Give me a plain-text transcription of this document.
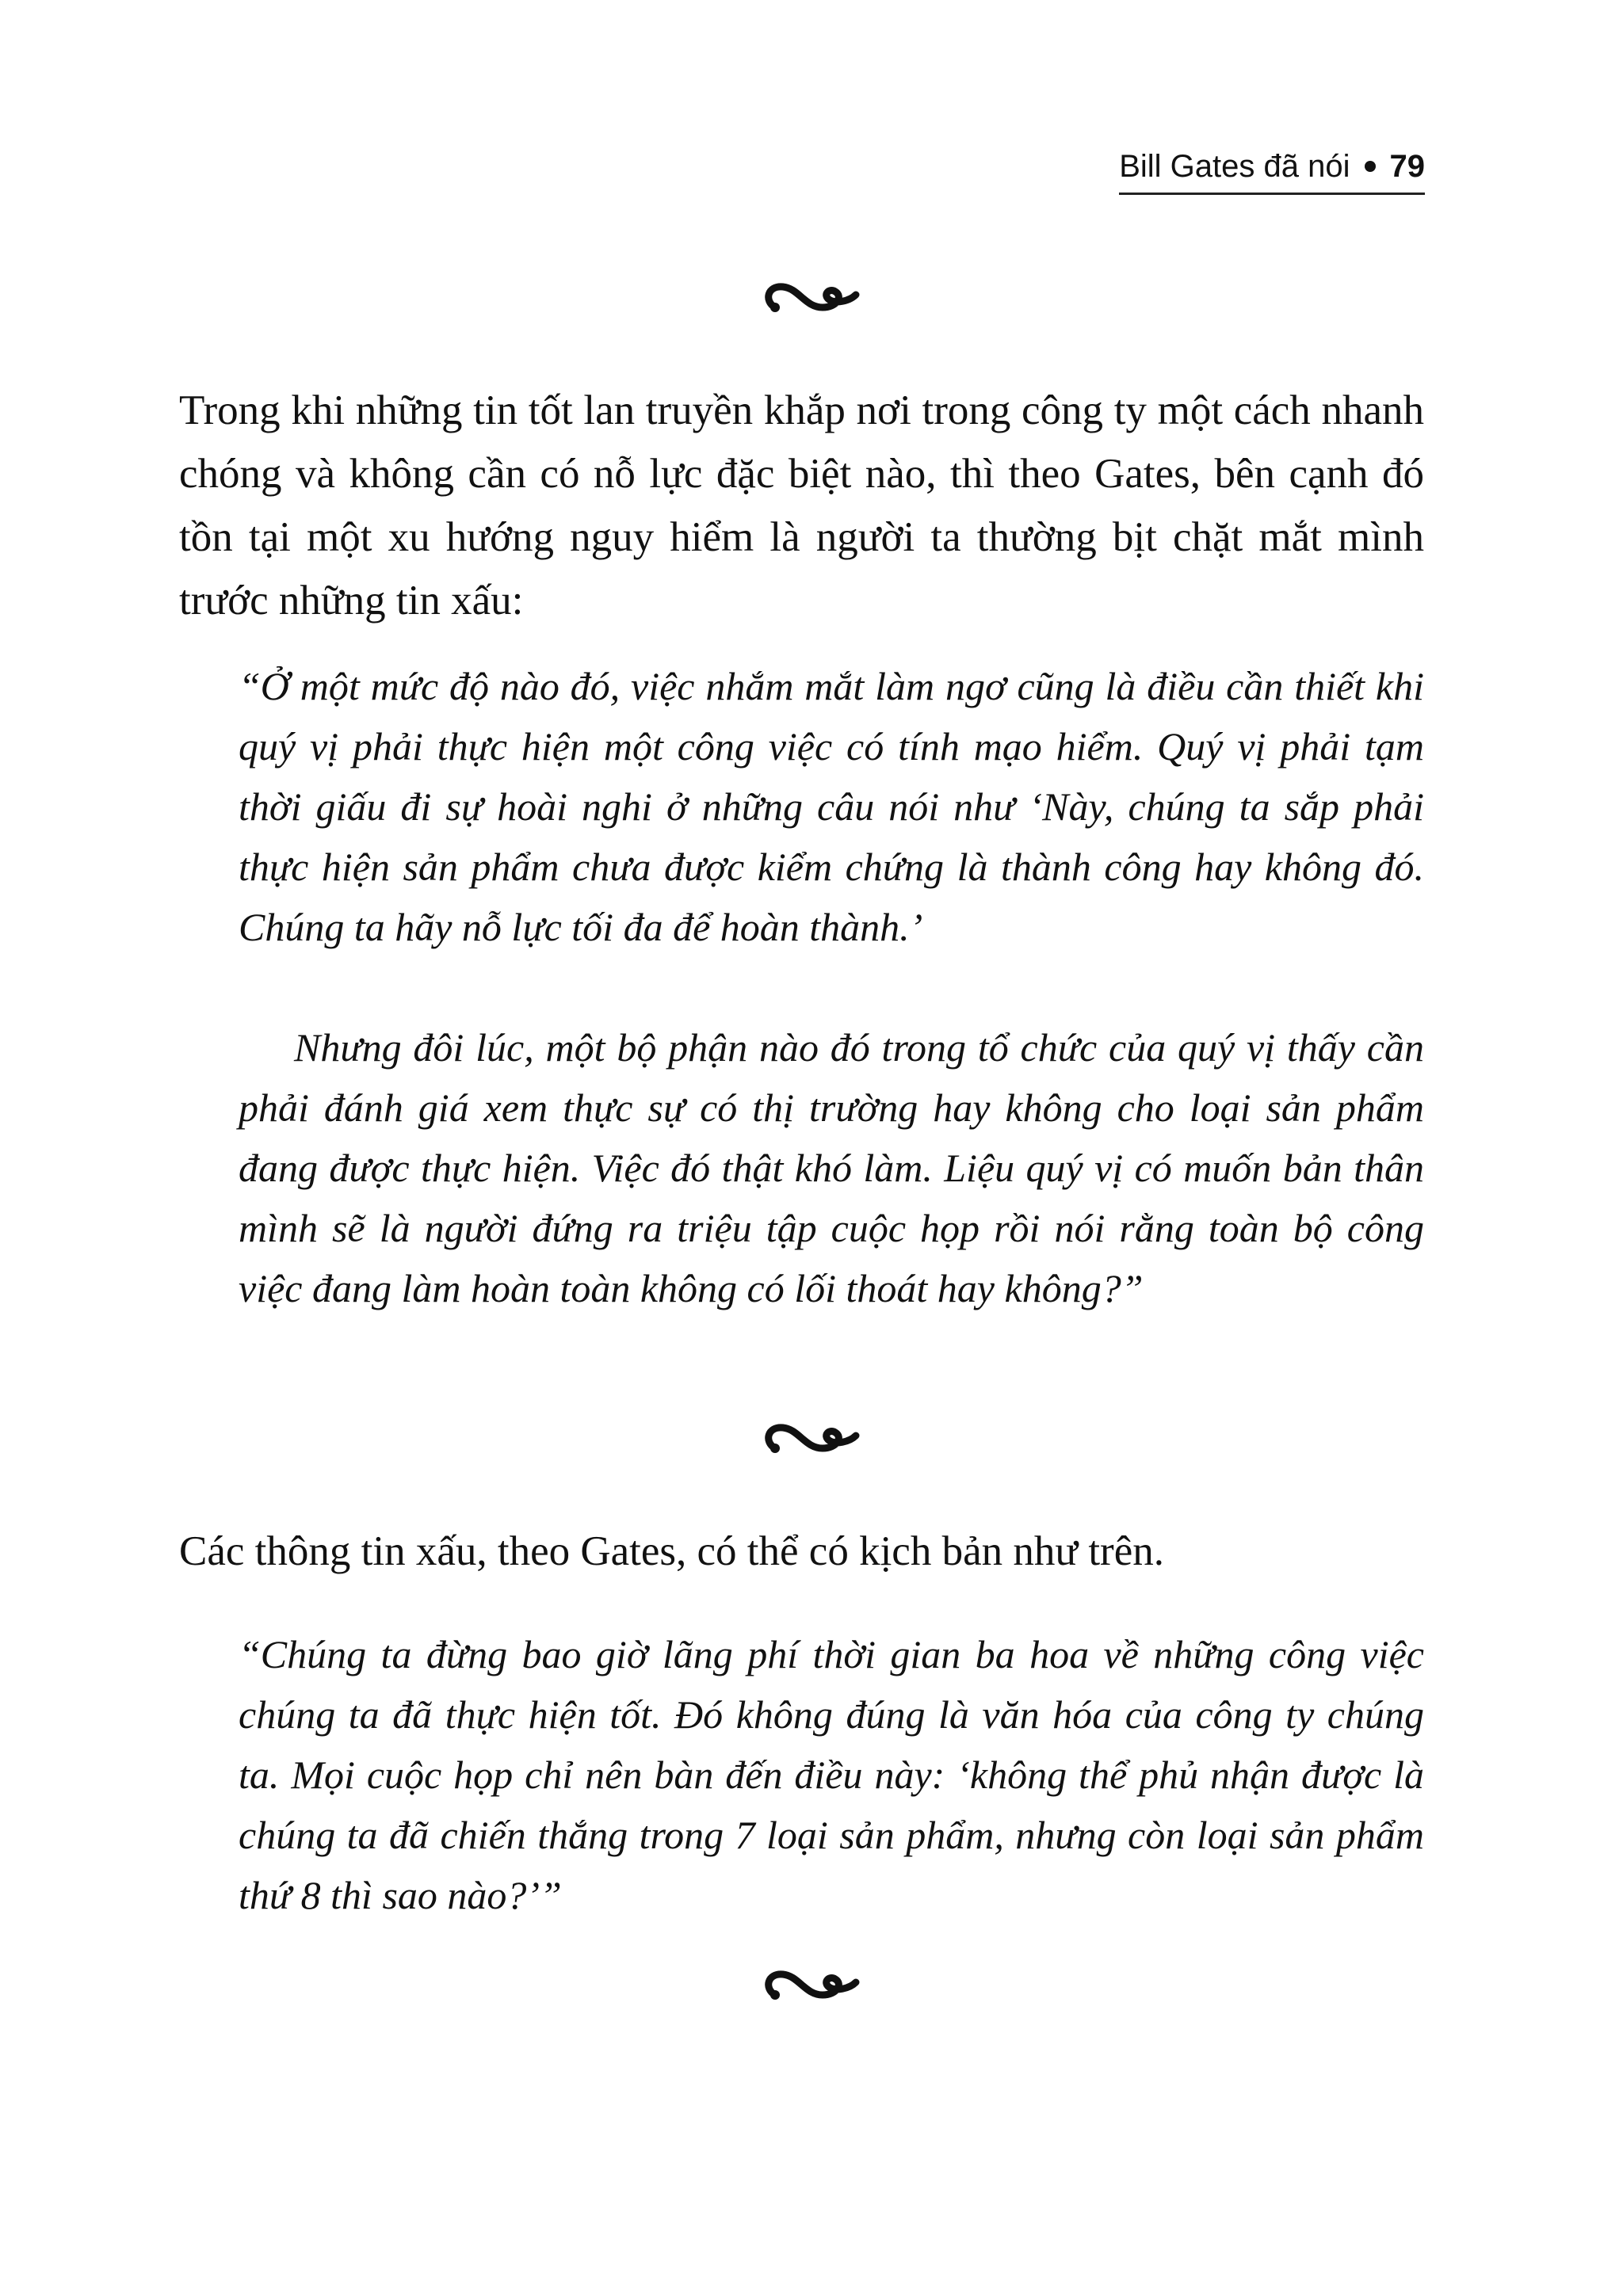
Bill Gates đã nói 79

Trong khi những tin tốt lan truyền khắp nơi trong công ty một cách nhanh chóng và không cần có nỗ lực đặc biệt nào, thì theo Gates, bên cạnh đó tồn tại một xu hướng nguy hiểm là người ta thường bịt chặt mắt mình trước những tin xấu:

“Ở một mức độ nào đó, việc nhắm mắt làm ngơ cũng là điều cần thiết khi quý vị phải thực hiện một công việc có tính mạo hiểm. Quý vị phải tạm thời giấu đi sự hoài nghi ở những câu nói như ‘Này, chúng ta sắp phải thực hiện sản phẩm chưa được kiểm chứng là thành công hay không đó. Chúng ta hãy nỗ lực tối đa để hoàn thành.’

Nhưng đôi lúc, một bộ phận nào đó trong tổ chức của quý vị thấy cần phải đánh giá xem thực sự có thị trường hay không cho loại sản phẩm đang được thực hiện. Việc đó thật khó làm. Liệu quý vị có muốn bản thân mình sẽ là người đứng ra triệu tập cuộc họp rồi nói rằng toàn bộ công việc đang làm hoàn toàn không có lối thoát hay không?”

Các thông tin xấu, theo Gates, có thể có kịch bản như trên.

“Chúng ta đừng bao giờ lãng phí thời gian ba hoa về những công việc chúng ta đã thực hiện tốt. Đó không đúng là văn hóa của công ty chúng ta. Mọi cuộc họp chỉ nên bàn đến điều này: ‘không thể phủ nhận được là chúng ta đã chiến thắng trong 7 loại sản phẩm, nhưng còn loại sản phẩm thứ 8 thì sao nào?’”
